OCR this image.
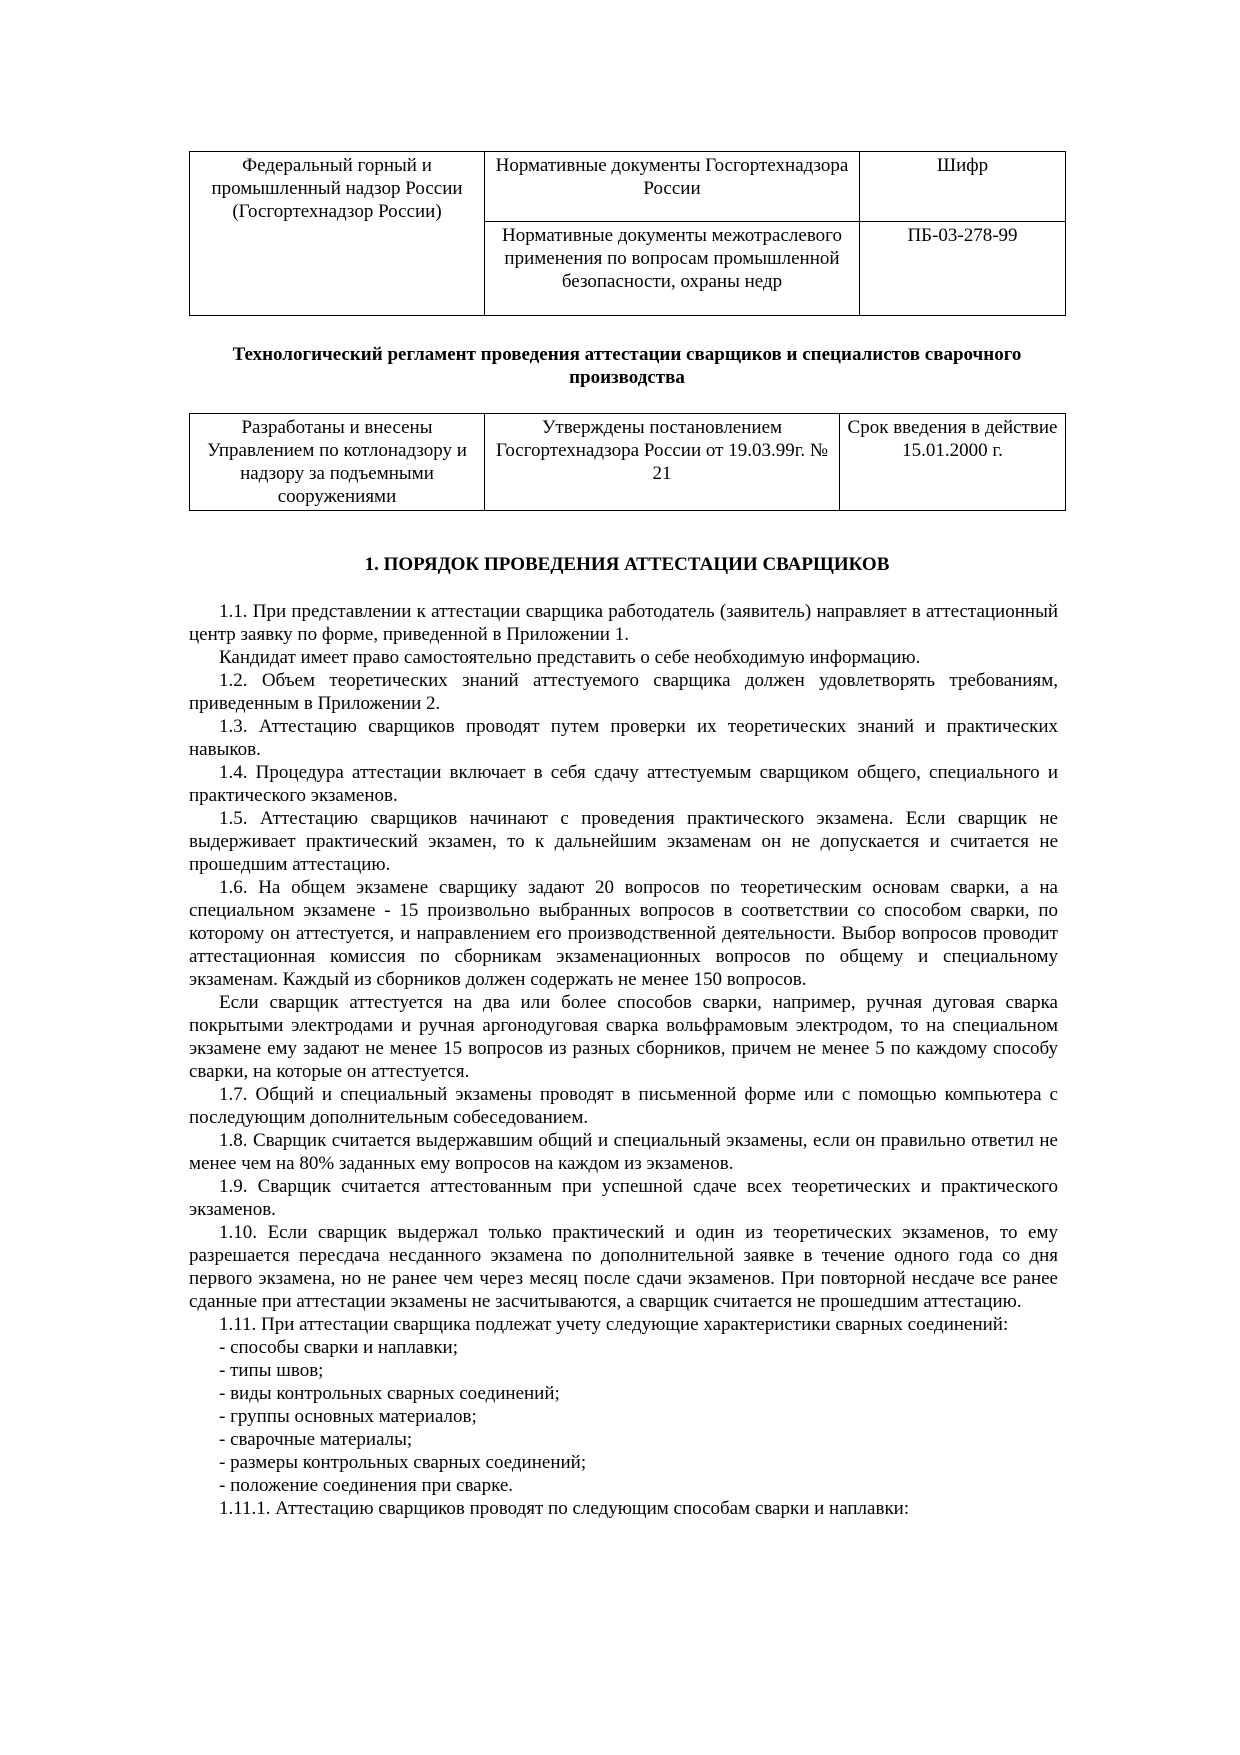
Федеральный горный и промышленный надзор России (Госгортехнадзор России)	Нормативные документы Госгортехнадзора России	Шифр
	Нормативные документы межотраслевого применения по вопросам промышленной безопасности, охраны недр	ПБ-03-278-99
Технологический регламент проведения аттестации сварщиков и специалистов сварочного производства
Разработаны и внесены Управлением по котлонадзору и надзору за подъемными сооружениями	Утверждены постановлением Госгортехнадзора России от 19.03.99г. № 21	Срок введения в действие 15.01.2000 г.
1. ПОРЯДОК ПРОВЕДЕНИЯ АТТЕСТАЦИИ СВАРЩИКОВ

1.1. При представлении к аттестации сварщика работодатель (заявитель) направляет в аттестационный центр заявку по форме, приведенной в Приложении 1.

Кандидат имеет право самостоятельно представить о себе необходимую информацию.

1.2. Объем теоретических знаний аттестуемого сварщика должен удовлетворять требованиям, приведенным в Приложении 2.

1.3. Аттестацию сварщиков проводят путем проверки их теоретических знаний и практических навыков.

1.4. Процедура аттестации включает в себя сдачу аттестуемым сварщиком общего, специального и практического экзаменов.

1.5. Аттестацию сварщиков начинают с проведения практического экзамена. Если сварщик не выдерживает практический экзамен, то к дальнейшим экзаменам он не допускается и считается не прошедшим аттестацию.

1.6. На общем экзамене сварщику задают 20 вопросов по теоретическим основам сварки, а на специальном экзамене - 15 произвольно выбранных вопросов в соответствии со способом сварки, по которому он аттестуется, и направлением его производственной деятельности. Выбор вопросов проводит аттестационная комиссия по сборникам экзаменационных вопросов по общему и специальному экзаменам. Каждый из сборников должен содержать не менее 150 вопросов.

Если сварщик аттестуется на два или более способов сварки, например, ручная дуговая сварка покрытыми электродами и ручная аргонодуговая сварка вольфрамовым электродом, то на специальном экзамене ему задают не менее 15 вопросов из разных сборников, причем не менее 5 по каждому способу сварки, на которые он аттестуется.

1.7. Общий и специальный экзамены проводят в письменной форме или с помощью компьютера с последующим дополнительным собеседованием.

1.8. Сварщик считается выдержавшим общий и специальный экзамены, если он правильно ответил не менее чем на 80% заданных ему вопросов на каждом из экзаменов.

1.9. Сварщик считается аттестованным при успешной сдаче всех теоретических и практического экзаменов.

1.10. Если сварщик выдержал только практический и один из теоретических экзаменов, то ему разрешается пересдача несданного экзамена по дополнительной заявке в течение одного года со дня первого экзамена, но не ранее чем через месяц после сдачи экзаменов. При повторной несдаче все ранее сданные при аттестации экзамены не засчитываются, а сварщик считается не прошедшим аттестацию.

1.11. При аттестации сварщика подлежат учету следующие характеристики сварных соединений:

- способы сварки и наплавки;

- типы швов;

- виды контрольных сварных соединений;

- группы основных материалов;

- сварочные материалы;

- размеры контрольных сварных соединений;

- положение соединения при сварке.

1.11.1. Аттестацию сварщиков проводят по следующим способам сварки и наплавки:
